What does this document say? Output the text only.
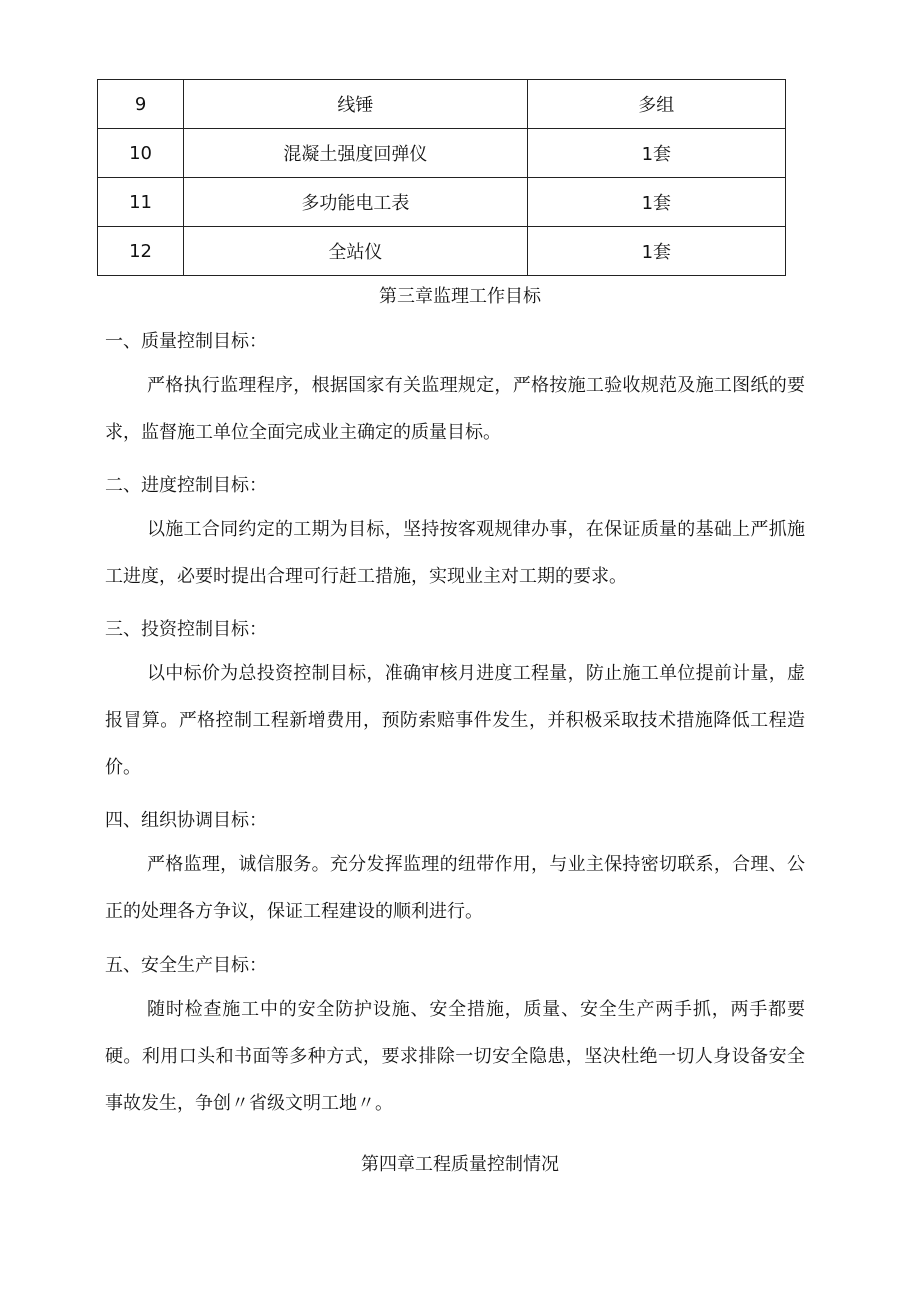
9	线锤	多组
10	混凝土强度回弹仪	1套
11	多功能电工表	1套
12	全站仪	1套
第三章监理工作目标
一、质量控制目标：

严格执行监理程序，根据国家有关监理规定，严格按施工验收规范及施工图纸的要求，监督施工单位全面完成业主确定的质量目标。

二、进度控制目标：

以施工合同约定的工期为目标，坚持按客观规律办事，在保证质量的基础上严抓施工进度，必要时提出合理可行赶工措施，实现业主对工期的要求。

三、投资控制目标：

以中标价为总投资控制目标，准确审核月进度工程量，防止施工单位提前计量，虚报冒算。严格控制工程新增费用，预防索赔事件发生，并积极采取技术措施降低工程造价。

四、组织协调目标：

严格监理，诚信服务。充分发挥监理的纽带作用，与业主保持密切联系，合理、公正的处理各方争议，保证工程建设的顺利进行。

五、安全生产目标：

随时检查施工中的安全防护设施、安全措施，质量、安全生产两手抓，两手都要硬。利用口头和书面等多种方式，要求排除一切安全隐患，坚决杜绝一切人身设备安全事故发生，争创〃省级文明工地〃。

第四章工程质量控制情况
